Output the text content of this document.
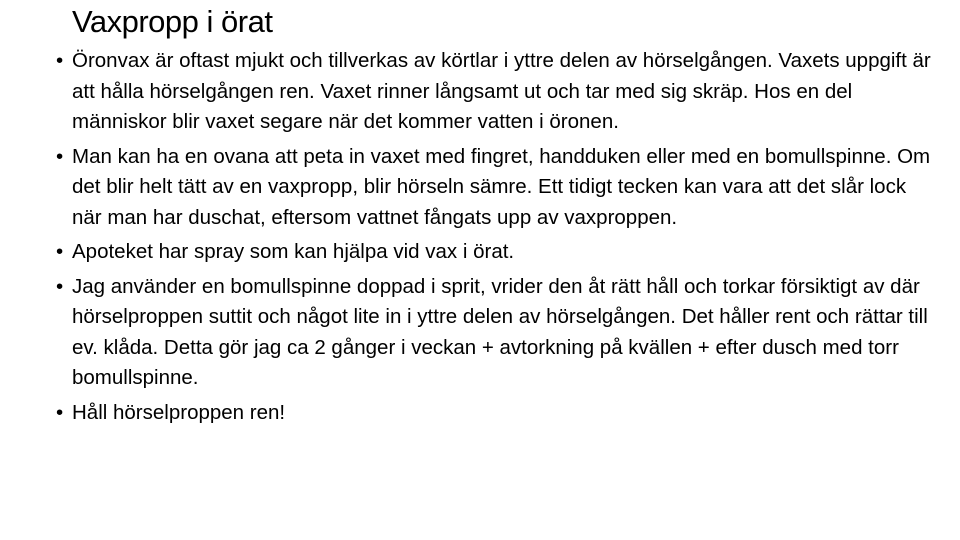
Vaxpropp i örat
• Öronvax är oftast mjukt och tillverkas av körtlar i yttre delen av hörselgången. Vaxets uppgift är att hålla hörselgången ren. Vaxet rinner långsamt ut och tar med sig skräp. Hos en del människor blir vaxet segare när det kommer vatten i öronen.
• Man kan ha en ovana att peta in vaxet med fingret, handduken eller med en bomullspinne. Om det blir helt tätt av en vaxpropp, blir hörseln sämre. Ett tidigt tecken kan vara att det slår lock när man har duschat, eftersom vattnet fångats upp av vaxproppen.
• Apoteket har spray som kan hjälpa vid vax i örat.
• Jag använder en bomullspinne doppad i sprit, vrider den åt rätt håll och torkar försiktigt av där hörselproppen suttit och något lite in i yttre delen av hörselgången. Det håller rent och rättar till ev. klåda. Detta gör jag ca 2 gånger i veckan + avtorkning på kvällen + efter dusch med torr bomullspinne.
• Håll hörselproppen ren!
